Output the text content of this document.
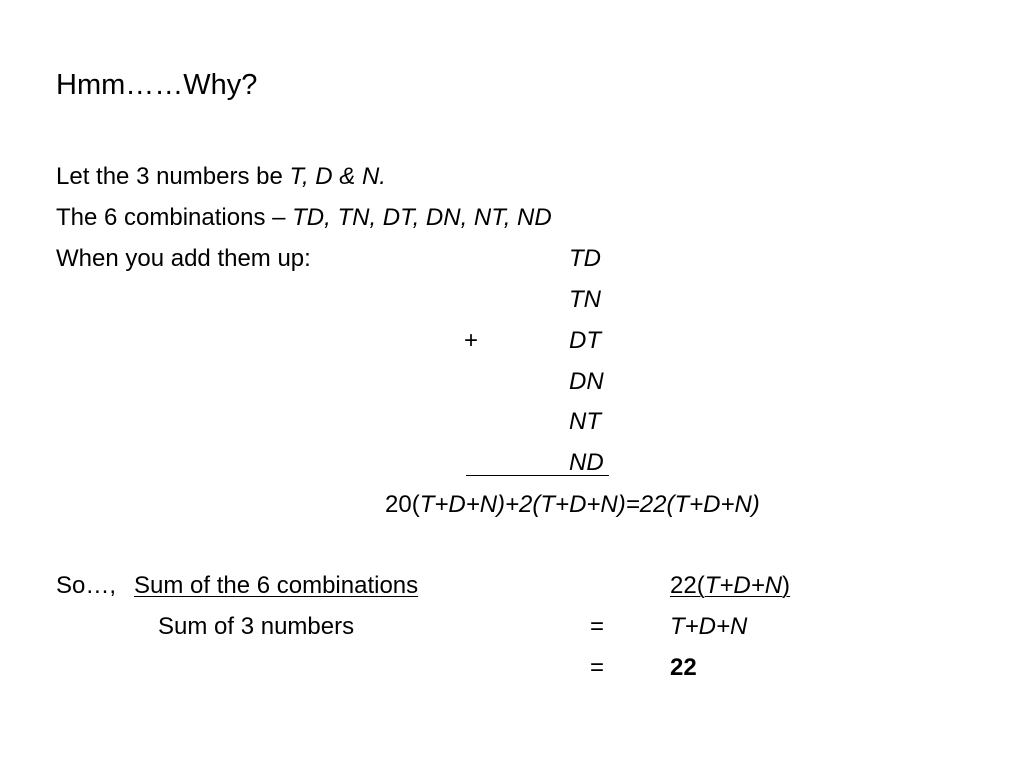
Hmm……Why?
Let the 3 numbers be T, D & N.
The 6 combinations – TD, TN, DT, DN, NT, ND
When you add them up:	TD
TN
+	DT
DN
NT
ND
20(T+D+N)+2(T+D+N)=22(T+D+N)
So…, Sum of the 6 combinations	22(T+D+N)
Sum of 3 numbers	=	T+D+N
=	22
